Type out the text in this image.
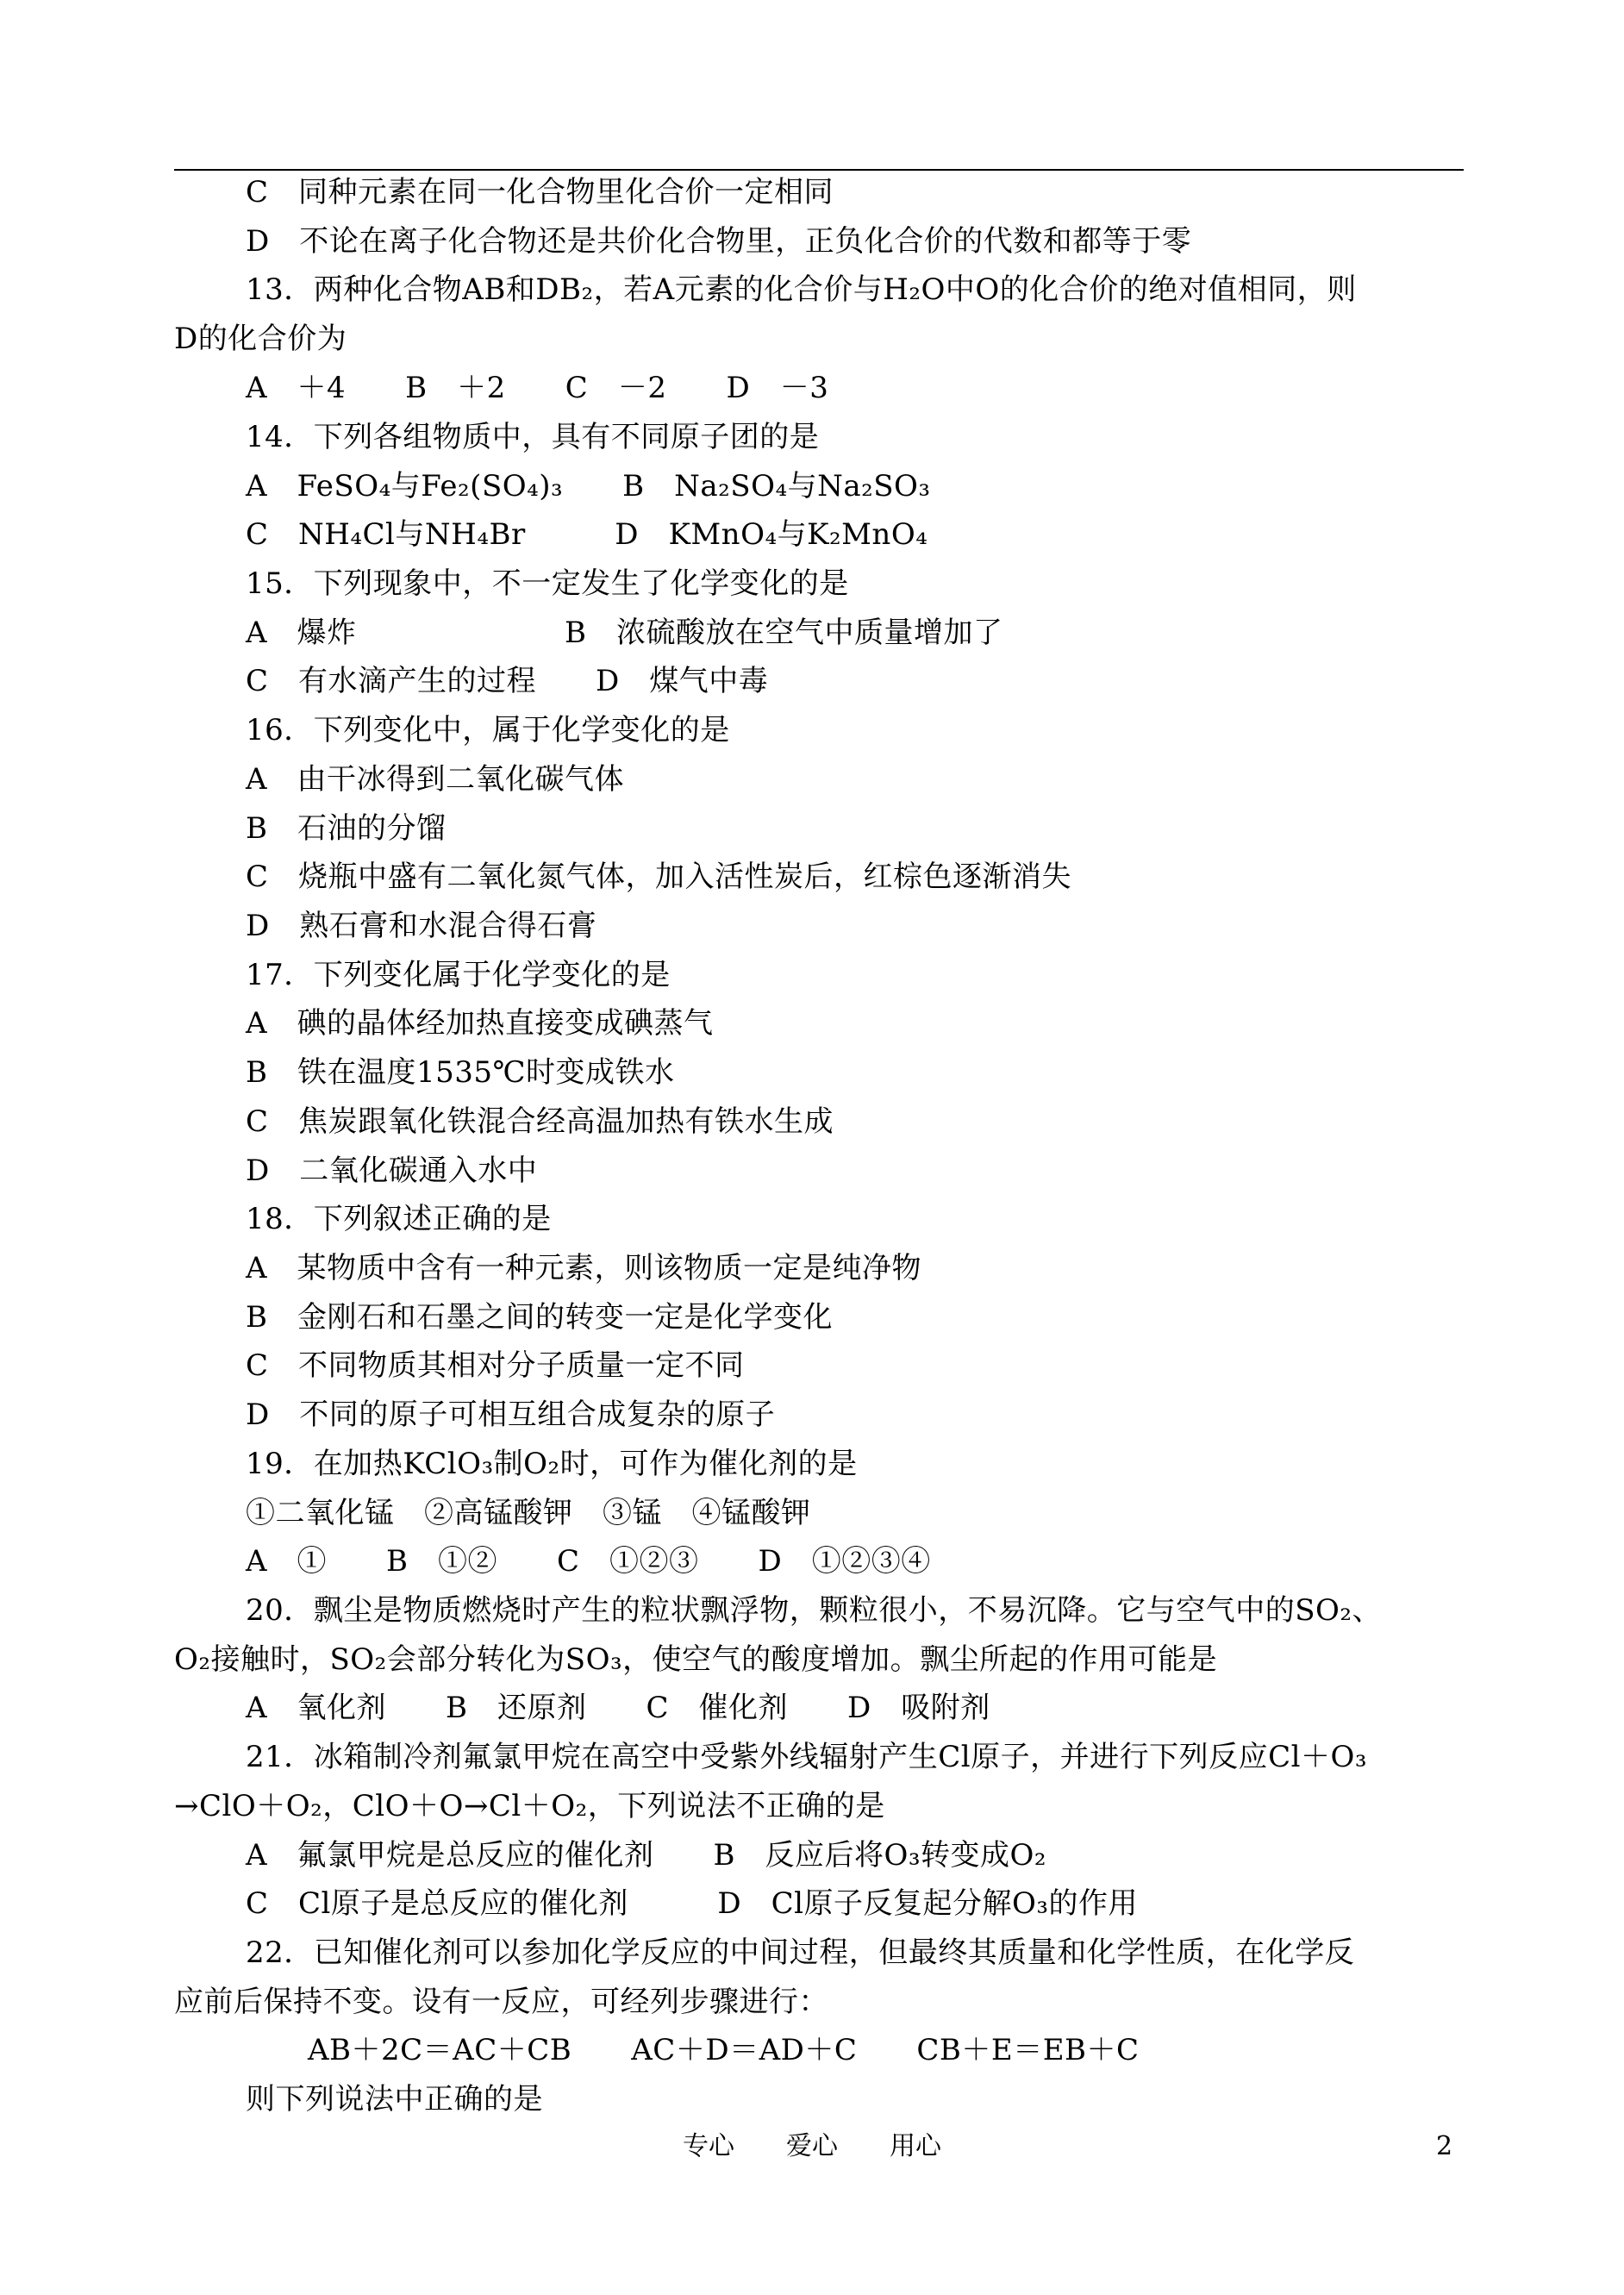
C　同种元素在同一化合物里化合价一定相同
D　不论在离子化合物还是共价化合物里，正负化合价的代数和都等于零
13．两种化合物AB和DB₂，若A元素的化合价与H₂O中O的化合价的绝对值相同，则
D的化合价为
A　＋4　　B　＋2　　C　－2　　D　－3
14．下列各组物质中，具有不同原子团的是
A　FeSO₄与Fe₂(SO₄)₃　　B　Na₂SO₄与Na₂SO₃
C　NH₄Cl与NH₄Br　　　D　KMnO₄与K₂MnO₄
15．下列现象中，不一定发生了化学变化的是
A　爆炸　　　　　　　B　浓硫酸放在空气中质量增加了
C　有水滴产生的过程　　D　煤气中毒
16．下列变化中，属于化学变化的是
A　由干冰得到二氧化碳气体
B　石油的分馏
C　烧瓶中盛有二氧化氮气体，加入活性炭后，红棕色逐渐消失
D　熟石膏和水混合得石膏
17．下列变化属于化学变化的是
A　碘的晶体经加热直接变成碘蒸气
B　铁在温度1535℃时变成铁水
C　焦炭跟氧化铁混合经高温加热有铁水生成
D　二氧化碳通入水中
18．下列叙述正确的是
A　某物质中含有一种元素，则该物质一定是纯净物
B　金刚石和石墨之间的转变一定是化学变化
C　不同物质其相对分子质量一定不同
D　不同的原子可相互组合成复杂的原子
19．在加热KClO₃制O₂时，可作为催化剂的是
①二氧化锰　②高锰酸钾　③锰　④锰酸钾
A　①　　B　①②　　C　①②③　　D　①②③④
20．飘尘是物质燃烧时产生的粒状飘浮物，颗粒很小，不易沉降。它与空气中的SO₂、
O₂接触时，SO₂会部分转化为SO₃，使空气的酸度增加。飘尘所起的作用可能是
A　氧化剂　　B　还原剂　　C　催化剂　　D　吸附剂
21．冰箱制冷剂氟氯甲烷在高空中受紫外线辐射产生Cl原子，并进行下列反应Cl＋O₃
→ClO＋O₂，ClO＋O→Cl＋O₂，下列说法不正确的是
A　氟氯甲烷是总反应的催化剂　　B　反应后将O₃转变成O₂
C　Cl原子是总反应的催化剂　　　D　Cl原子反复起分解O₃的作用
22．已知催化剂可以参加化学反应的中间过程，但最终其质量和化学性质，在化学反
应前后保持不变。设有一反应，可经列步骤进行：
AB＋2C＝AC＋CB　　AC＋D＝AD＋C　　CB＋E＝EB＋C
则下列说法中正确的是
专心　　爱心　　用心	2
